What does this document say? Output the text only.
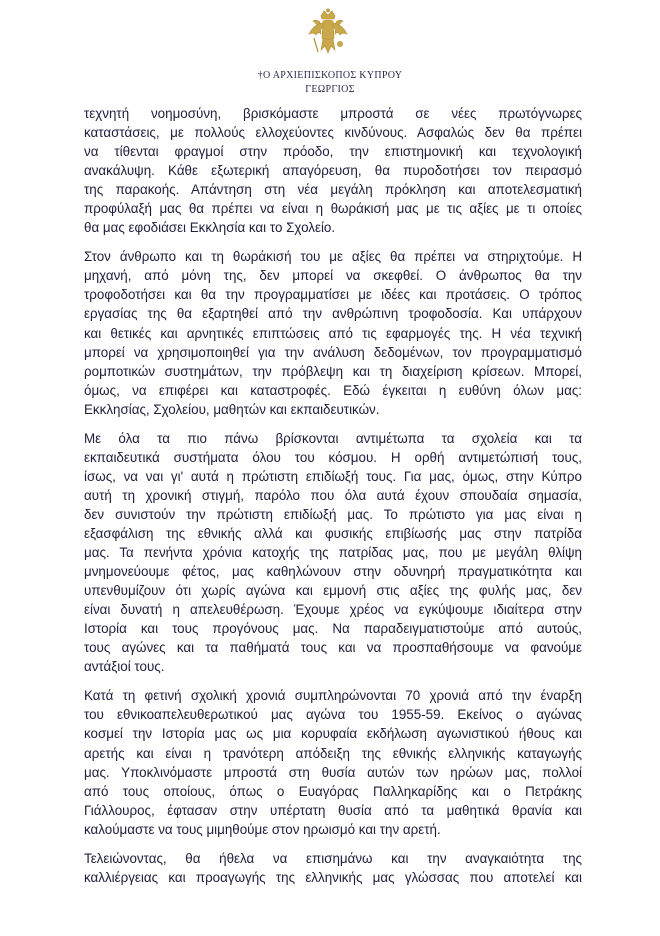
†Ο ΑΡΧΙΕΠΙΣΚΟΠΟΣ ΚΥΠΡΟΥ
ΓΕΩΡΓΙΟΣ

τεχνητή νοημοσύνη, βρισκόμαστε μπροστά σε νέες πρωτόγνωρες
καταστάσεις, με πολλούς ελλοχεύοντες κινδύνους. Ασφαλώς δεν θα πρέπει
να τίθενται φραγμοί στην πρόοδο, την επιστημονική και τεχνολογική
ανακάλυψη. Κάθε εξωτερική απαγόρευση, θα πυροδοτήσει τον πειρασμό
της παρακοής. Απάντηση στη νέα μεγάλη πρόκληση και αποτελεσματική
προφύλαξή μας θα πρέπει να είναι η θωράκισή μας με τις αξίες με τι οποίες
θα μας εφοδιάσει Εκκλησία και το Σχολείο.

Στον άνθρωπο και τη θωράκισή του με αξίες θα πρέπει να στηριχτούμε. Η
μηχανή, από μόνη της, δεν μπορεί να σκεφθεί. Ο άνθρωπος θα την
τροφοδοτήσει και θα την προγραμματίσει με ιδέες και προτάσεις. Ο τρόπος
εργασίας της θα εξαρτηθεί από την ανθρώπινη τροφοδοσία. Και υπάρχουν
και θετικές και αρνητικές επιπτώσεις από τις εφαρμογές της. Η νέα τεχνική
μπορεί να χρησιμοποιηθεί για την ανάλυση δεδομένων, τον προγραμματισμό
ρομποτικών συστημάτων, την πρόβλεψη και τη διαχείριση κρίσεων. Μπορεί,
όμως, να επιφέρει και καταστροφές. Εδώ έγκειται η ευθύνη όλων μας:
Εκκλησίας, Σχολείου, μαθητών και εκπαιδευτικών.

Με όλα τα πιο πάνω βρίσκονται αντιμέτωπα τα σχολεία και τα
εκπαιδευτικά συστήματα όλου του κόσμου. Η ορθή αντιμετώπισή τους,
ίσως, να ναι γι' αυτά η πρώτιστη επιδίωξή τους. Για μας, όμως, στην Κύπρο
αυτή τη χρονική στιγμή, παρόλο που όλα αυτά έχουν σπουδαία σημασία,
δεν συνιστούν την πρώτιστη επιδίωξή μας. Το πρώτιστο για μας είναι η
εξασφάλιση της εθνικής αλλά και φυσικής επιβίωσής μας στην πατρίδα
μας. Τα πενήντα χρόνια κατοχής της πατρίδας μας, που με μεγάλη θλίψη
μνημονεύουμε φέτος, μας καθηλώνουν στην οδυνηρή πραγματικότητα και
υπενθυμίζουν ότι χωρίς αγώνα και εμμονή στις αξίες της φυλής μας, δεν
είναι δυνατή η απελευθέρωση. Έχουμε χρέος να εγκύψουμε ιδιαίτερα στην
Ιστορία και τους προγόνους μας. Να παραδειγματιστούμε από αυτούς,
τους αγώνες και τα παθήματά τους και να προσπαθήσουμε να φανούμε
αντάξιοί τους.

Κατά τη φετινή σχολική χρονιά συμπληρώνονται 70 χρονιά από την έναρξη
του εθνικοαπελευθερωτικού μας αγώνα του 1955-59. Εκείνος ο αγώνας
κοσμεί την Ιστορία μας ως μια κορυφαία εκδήλωση αγωνιστικού ήθους και
αρετής και είναι η τρανότερη απόδειξη της εθνικής ελληνικής καταγωγής
μας. Υποκλινόμαστε μπροστά στη θυσία αυτών των ηρώων μας, πολλοί
από τους οποίους, όπως ο Ευαγόρας Παλληκαρίδης και ο Πετράκης
Γιάλλουρος, έφτασαν στην υπέρτατη θυσία από τα μαθητικά θρανία και
καλούμαστε να τους μιμηθούμε στον ηρωισμό και την αρετή.

Τελειώνοντας, θα ήθελα να επισημάνω και την αναγκαιότητα της
καλλιέργειας και προαγωγής της ελληνικής μας γλώσσας που αποτελεί και
